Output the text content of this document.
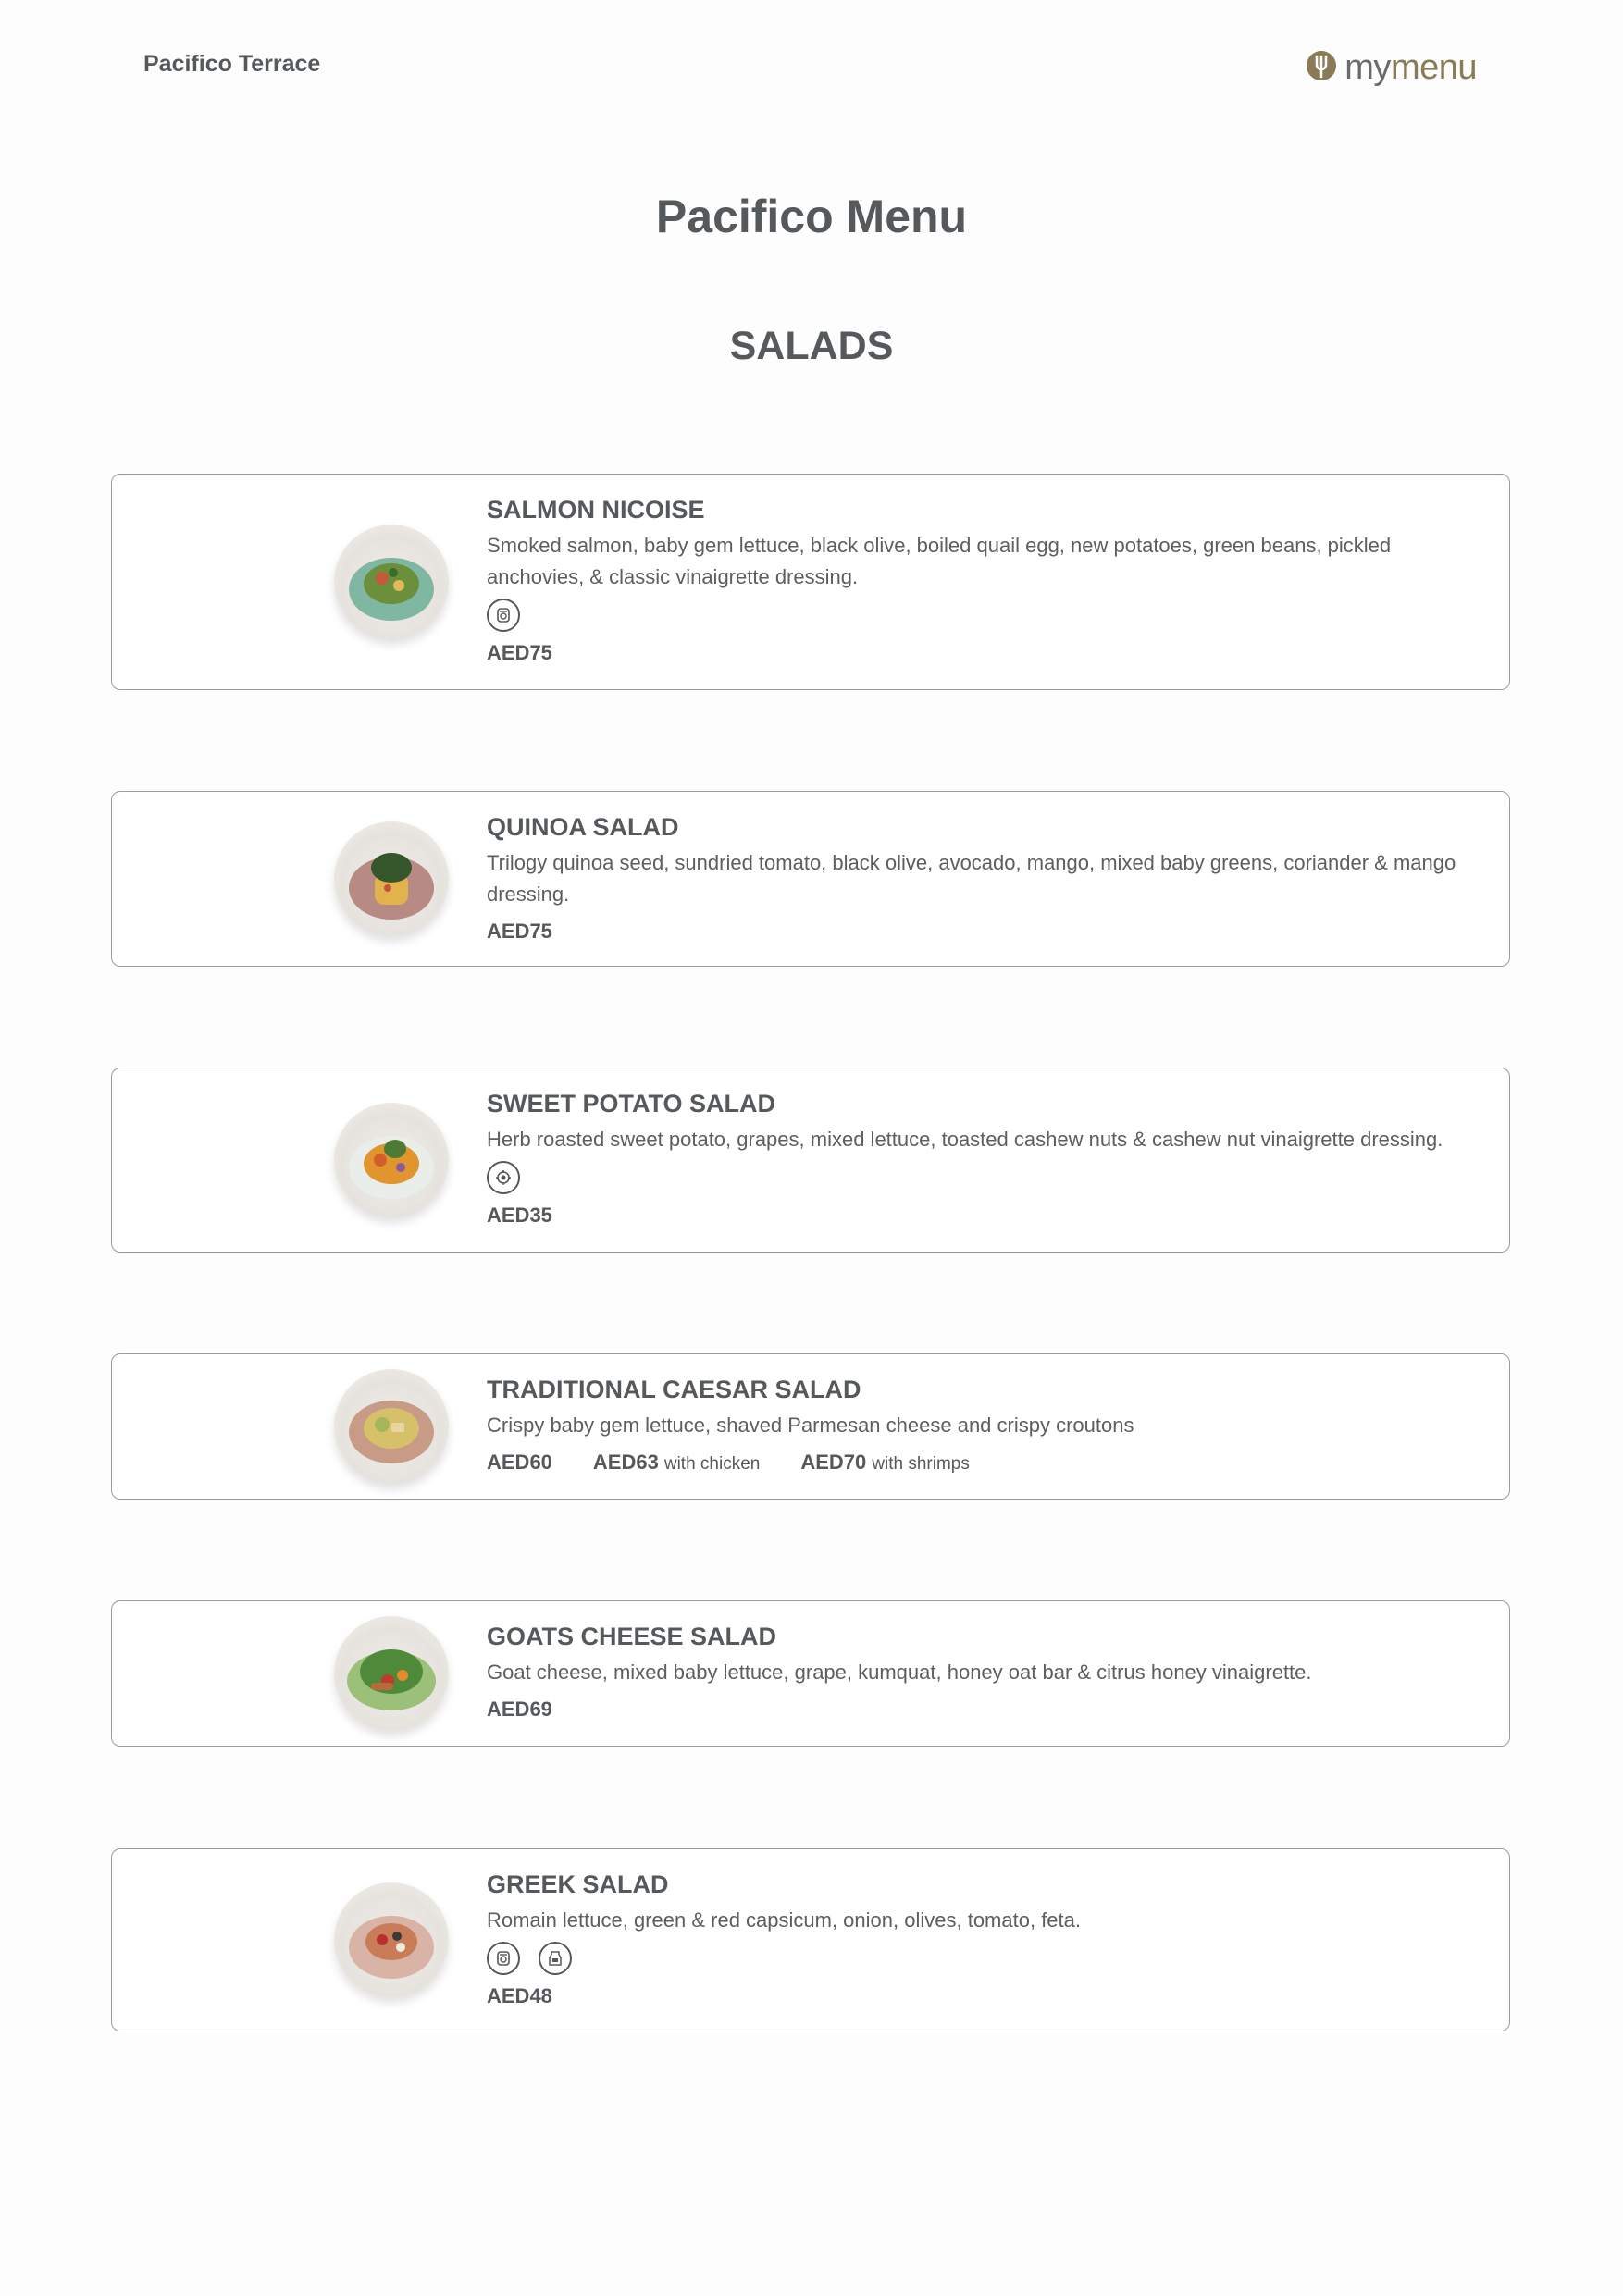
Pacifico Terrace	mymenu
Pacifico Menu
SALADS
SALMON NICOISE
Smoked salmon, baby gem lettuce, black olive, boiled quail egg, new potatoes, green beans, pickled anchovies, & classic vinaigrette dressing.
AED75
QUINOA SALAD
Trilogy quinoa seed, sundried tomato, black olive, avocado, mango, mixed baby greens, coriander & mango dressing.
AED75
SWEET POTATO SALAD
Herb roasted sweet potato, grapes, mixed lettuce, toasted cashew nuts & cashew nut vinaigrette dressing.
AED35
TRADITIONAL CAESAR SALAD
Crispy baby gem lettuce, shaved Parmesan cheese and crispy croutons
AED60 AED63 with chicken AED70 with shrimps
GOATS CHEESE SALAD
Goat cheese, mixed baby lettuce, grape, kumquat, honey oat bar & citrus honey vinaigrette.
AED69
GREEK SALAD
Romain lettuce, green & red capsicum, onion, olives, tomato, feta.
AED48
